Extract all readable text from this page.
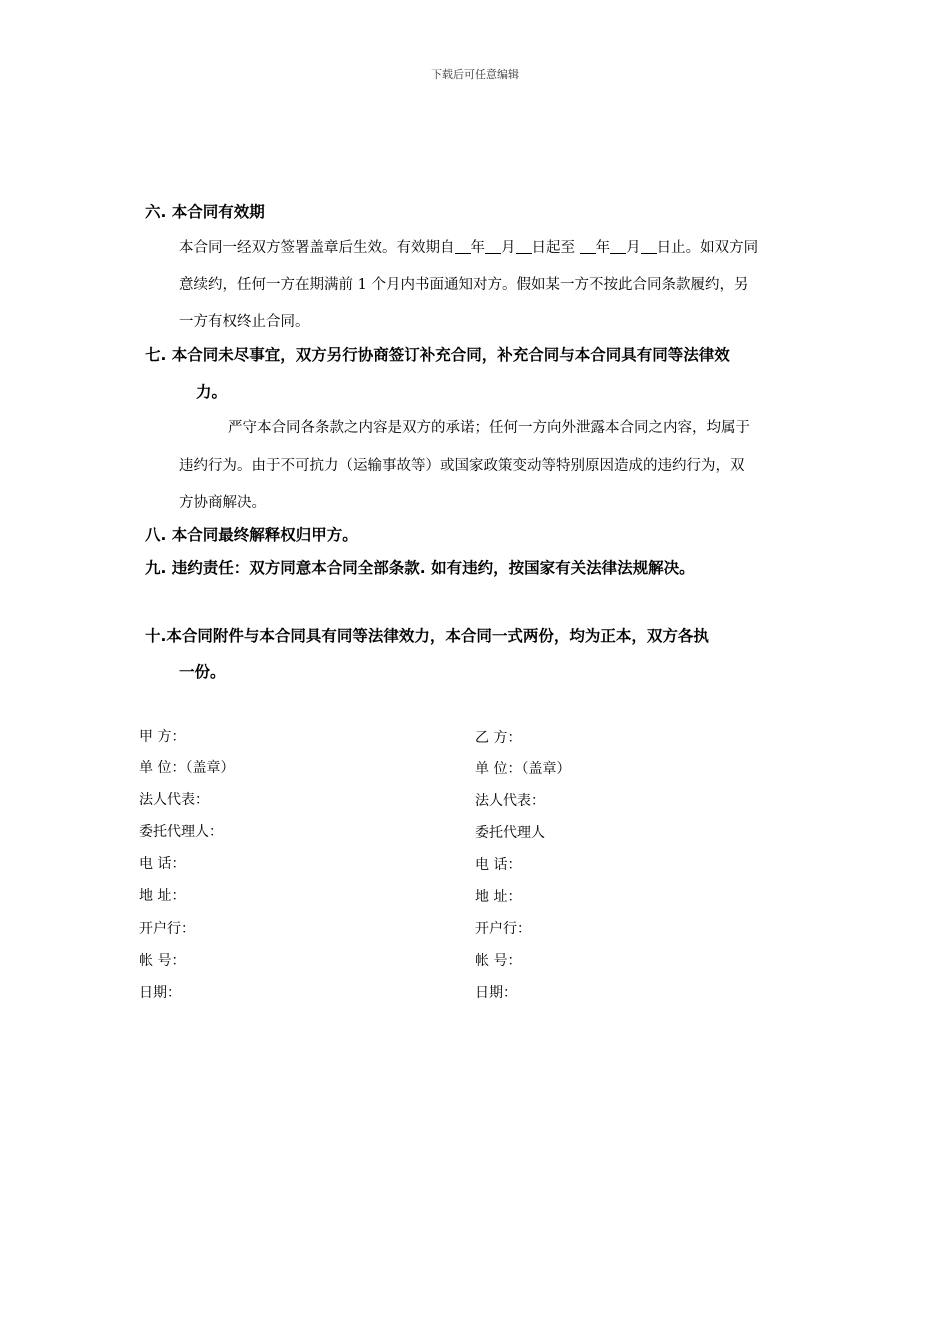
下载后可任意编辑
六. 本合同有效期
本合同一经双方签署盖章后生效。有效期自 年 月 日起至 年 月 日止。如双方同
意续约，任何一方在期满前 1 个月内书面通知对方。假如某一方不按此合同条款履约，另
一方有权终止合同。
七. 本合同未尽事宜，双方另行协商签订补充合同，补充合同与本合同具有同等法律效
力。
严守本合同各条款之内容是双方的承诺；任何一方向外泄露本合同之内容，均属于
违约行为。由于不可抗力（运输事故等）或国家政策变动等特别原因造成的违约行为，双
方协商解决。
八. 本合同最终解释权归甲方。
九. 违约责任：双方同意本合同全部条款. 如有违约，按国家有关法律法规解决。
十.本合同附件与本合同具有同等法律效力，本合同一式两份，均为正本，双方各执
一份。
甲 方：
单 位：（盖章）
法人代表：
委托代理人：
电 话：
地 址：
开户行：
帐 号：
日期：
乙 方：
单 位：（盖章）
法人代表：
委托代理人
电 话：
地 址：
开户行：
帐 号：
日期：
